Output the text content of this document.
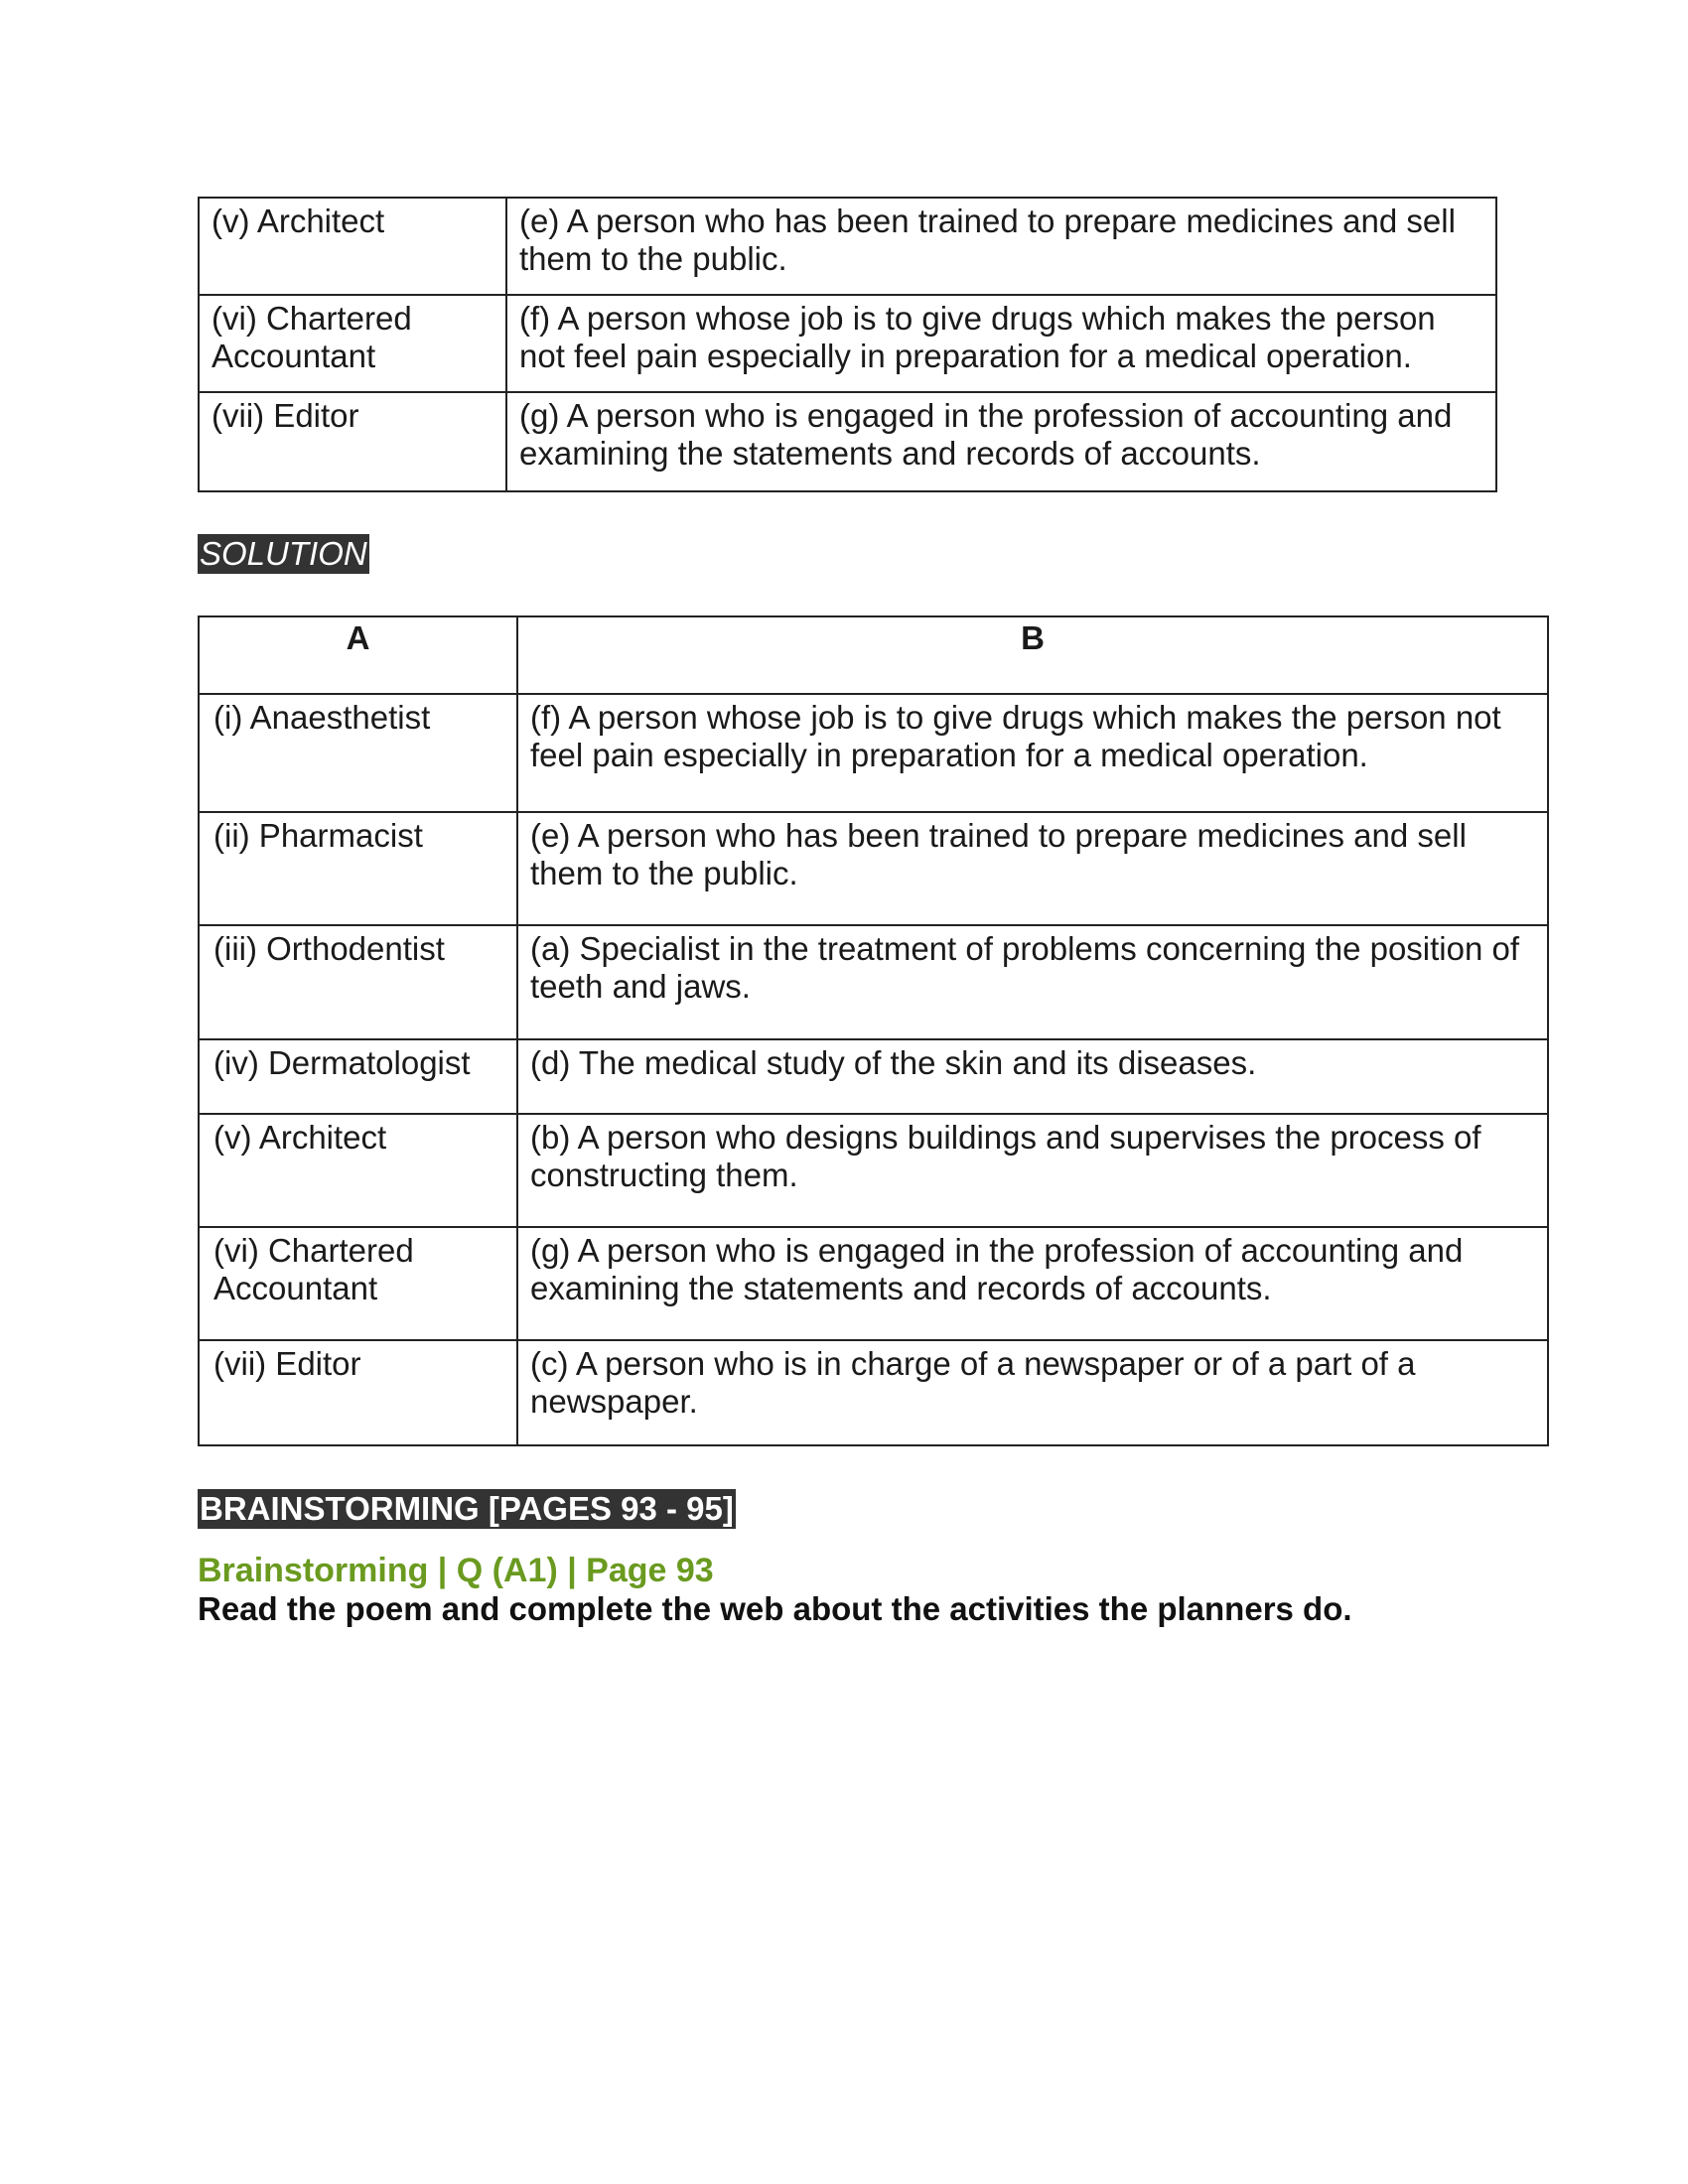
(v) Architect	(e) A person who has been trained to prepare medicines and sell them to the public.
(vi) Chartered Accountant	(f) A person whose job is to give drugs which makes the person not feel pain especially in preparation for a medical operation.
(vii) Editor	(g) A person who is engaged in the profession of accounting and examining the statements and records of accounts.
SOLUTION
A	B
(i) Anaesthetist	(f) A person whose job is to give drugs which makes the person not feel pain especially in preparation for a medical operation.
(ii) Pharmacist	(e) A person who has been trained to prepare medicines and sell them to the public.
(iii) Orthodentist	(a) Specialist in the treatment of problems concerning the position of teeth and jaws.
(iv) Dermatologist	(d) The medical study of the skin and its diseases.
(v) Architect	(b) A person who designs buildings and supervises the process of constructing them.
(vi) Chartered Accountant	(g) A person who is engaged in the profession of accounting and examining the statements and records of accounts.
(vii) Editor	(c) A person who is in charge of a newspaper or of a part of a newspaper.
BRAINSTORMING [PAGES 93 - 95]
Brainstorming | Q (A1) | Page 93
Read the poem and complete the web about the activities the planners do.
